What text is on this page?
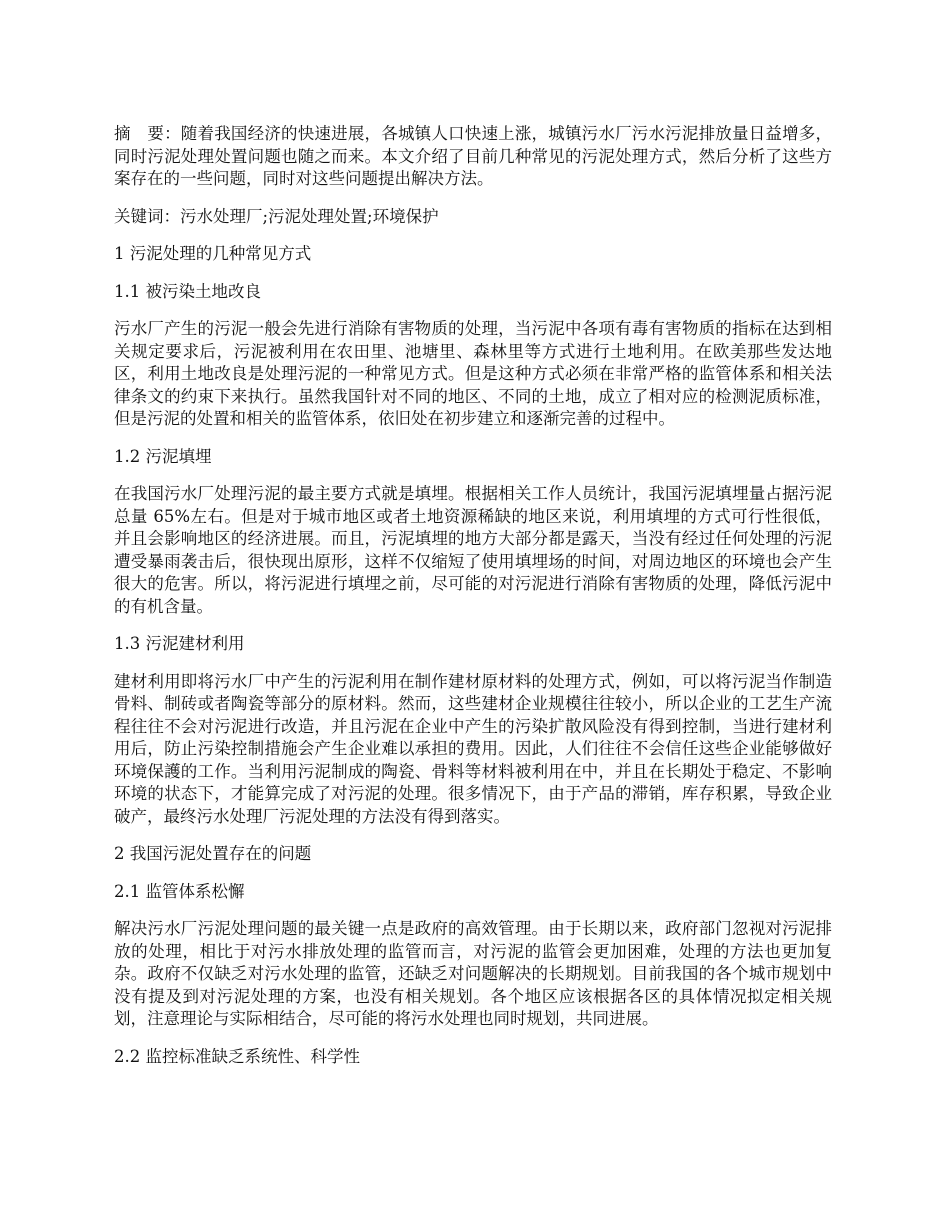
摘　要：随着我国经济的快速进展，各城镇人口快速上涨，城镇污水厂污水污泥排放量日益增多，同时污泥处理处置问题也随之而来。本文介绍了目前几种常见的污泥处理方式，然后分析了这些方案存在的一些问题，同时对这些问题提出解决方法。

关键词：污水处理厂;污泥处理处置;环境保护

1 污泥处理的几种常见方式
1.1 被污染土地改良

污水厂产生的污泥一般会先进行消除有害物质的处理，当污泥中各项有毒有害物质的指标在达到相关规定要求后，污泥被利用在农田里、池塘里、森林里等方式进行土地利用。在欧美那些发达地区，利用土地改良是处理污泥的一种常见方式。但是这种方式必须在非常严格的监管体系和相关法律条文的约束下来执行。虽然我国针对不同的地区、不同的土地，成立了相对应的检测泥质标准，但是污泥的处置和相关的监管体系，依旧处在初步建立和逐渐完善的过程中。

1.2 污泥填埋

在我国污水厂处理污泥的最主要方式就是填埋。根据相关工作人员统计，我国污泥填埋量占据污泥总量 65%左右。但是对于城市地区或者土地资源稀缺的地区来说，利用填埋的方式可行性很低，并且会影响地区的经济进展。而且，污泥填埋的地方大部分都是露天，当没有经过任何处理的污泥遭受暴雨袭击后，很快现出原形，这样不仅缩短了使用填埋场的时间，对周边地区的环境也会产生很大的危害。所以，将污泥进行填埋之前，尽可能的对污泥进行消除有害物质的处理，降低污泥中的有机含量。

1.3 污泥建材利用

建材利用即将污水厂中产生的污泥利用在制作建材原材料的处理方式，例如，可以将污泥当作制造骨料、制砖或者陶瓷等部分的原材料。然而，这些建材企业规模往往较小，所以企业的工艺生产流程往往不会对污泥进行改造，并且污泥在企业中产生的污染扩散风险没有得到控制，当进行建材利用后，防止污染控制措施会产生企业难以承担的费用。因此，人们往往不会信任这些企业能够做好环境保護的工作。当利用污泥制成的陶瓷、骨料等材料被利用在中，并且在长期处于稳定、不影响环境的状态下，才能算完成了对污泥的处理。很多情况下，由于产品的滞销，库存积累，导致企业破产，最终污水处理厂污泥处理的方法没有得到落实。

2 我国污泥处置存在的问题
2.1 监管体系松懈

解决污水厂污泥处理问题的最关键一点是政府的高效管理。由于长期以来，政府部门忽视对污泥排放的处理，相比于对污水排放处理的监管而言，对污泥的监管会更加困难，处理的方法也更加复杂。政府不仅缺乏对污水处理的监管，还缺乏对问题解决的长期规划。目前我国的各个城市规划中没有提及到对污泥处理的方案，也没有相关规划。各个地区应该根据各区的具体情况拟定相关规划，注意理论与实际相结合，尽可能的将污水处理也同时规划，共同进展。

2.2 监控标准缺乏系统性、科学性
